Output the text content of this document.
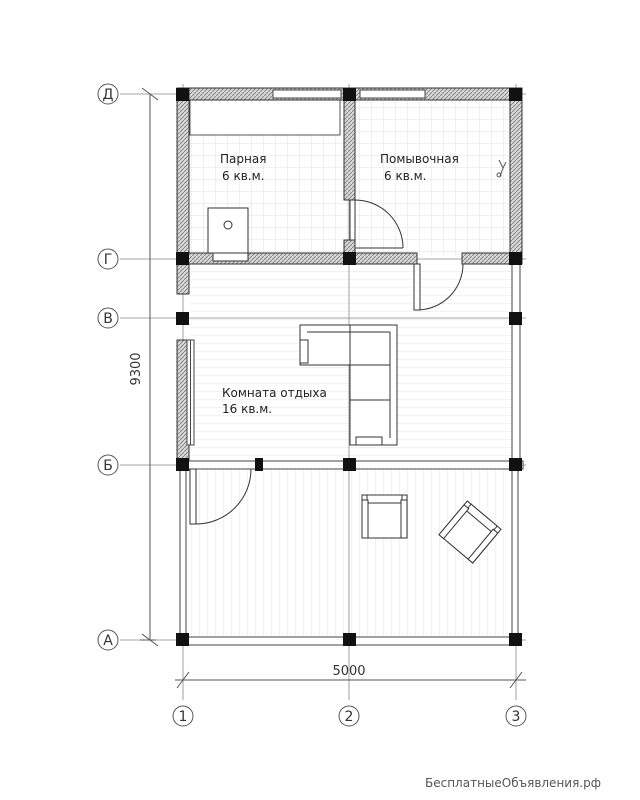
Парная
6 кв.м.
Помывочная
6 кв.м.
Комната отдыха
16 кв.м.
Д
Г
В
Б
А
1	2	3
9300
5000
БесплатныеОбъявления.рф
